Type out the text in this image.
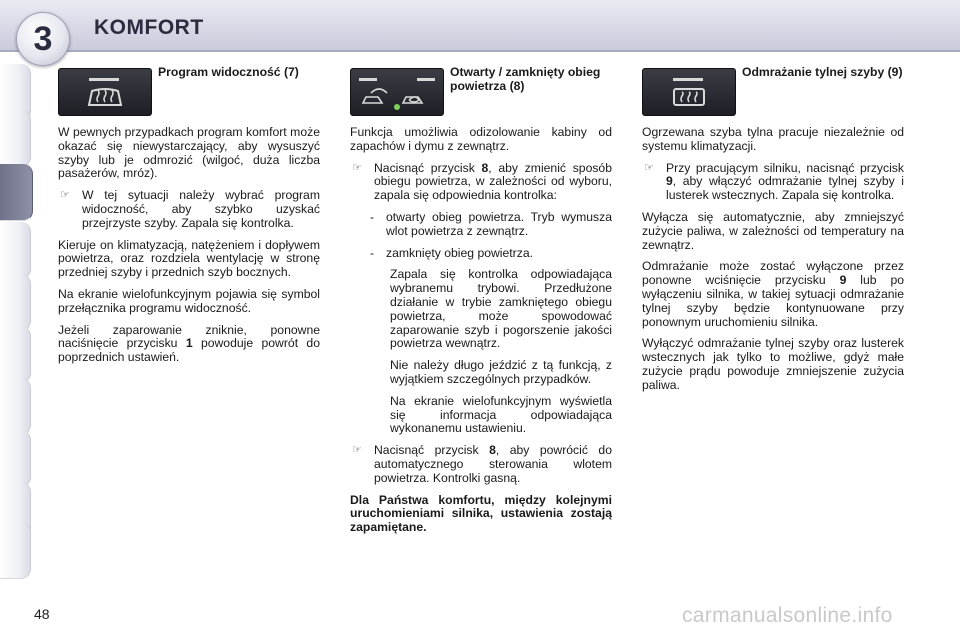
3 KOMFORT
Program widoczność (7)

W pewnych przypadkach program komfort może okazać się niewystarczający, aby wysuszyć szyby lub je odmrozić (wilgoć, duża liczba pasażerów, mróz).

☞ W tej sytuacji należy wybrać program widoczność, aby szybko uzyskać przejrzyste szyby. Zapala się kontrolka.

Kieruje on klimatyzacją, natężeniem i dopływem powietrza, oraz rozdziela wentylację w stronę przedniej szyby i przednich szyb bocznych.

Na ekranie wielofunkcyjnym pojawia się symbol przełącznika programu widoczność.

Jeżeli zaparowanie zniknie, ponowne naciśnięcie przycisku 1 powoduje powrót do poprzednich ustawień.

Otwarty / zamknięty obieg powietrza (8)

Funkcja umożliwia odizolowanie kabiny od zapachów i dymu z zewnątrz.

☞ Nacisnąć przycisk 8, aby zmienić sposób obiegu powietrza, w zależności od wyboru, zapala się odpowiednia kontrolka:
- otwarty obieg powietrza. Tryb wymusza wlot powietrza z zewnątrz.
- zamknięty obieg powietrza.

Zapala się kontrolka odpowiadająca wybranemu trybowi. Przedłużone działanie w trybie zamkniętego obiegu powietrza, może spowodować zaparowanie szyb i pogorszenie jakości powietrza wewnątrz.

Nie należy długo jeździć z tą funkcją, z wyjątkiem szczególnych przypadków.

Na ekranie wielofunkcyjnym wyświetla się informacja odpowiadająca wykonanemu ustawieniu.

☞ Nacisnąć przycisk 8, aby powrócić do automatycznego sterowania wlotem powietrza. Kontrolki gasną.

Dla Państwa komfortu, między kolejnymi uruchomieniami silnika, ustawienia zostają zapamiętane.

Odmrażanie tylnej szyby (9)

Ogrzewana szyba tylna pracuje niezależnie od systemu klimatyzacji.

☞ Przy pracującym silniku, nacisnąć przycisk 9, aby włączyć odmrażanie tylnej szyby i lusterek wstecznych. Zapala się kontrolka.

Wyłącza się automatycznie, aby zmniejszyć zużycie paliwa, w zależności od temperatury na zewnątrz.

Odmrażanie może zostać wyłączone przez ponowne wciśnięcie przycisku 9 lub po wyłączeniu silnika, w takiej sytuacji odmrażanie tylnej szyby będzie kontynuowane przy ponownym uruchomieniu silnika.

Wyłączyć odmrażanie tylnej szyby oraz lusterek wstecznych jak tylko to możliwe, gdyż małe zużycie prądu powoduje zmniejszenie zużycia paliwa.

48	carmanualsonline.info
